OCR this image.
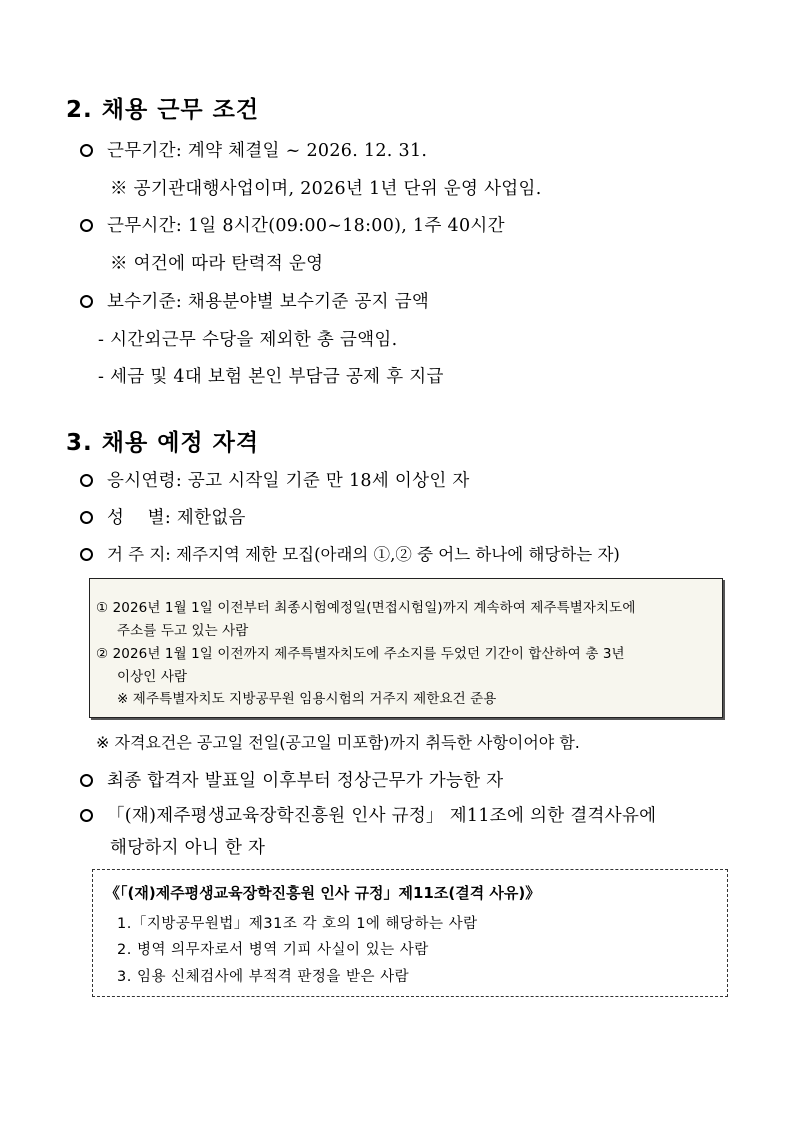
2. 채용 근무 조건
근무기간: 계약 체결일 ~ 2026. 12. 31.
※ 공기관대행사업이며, 2026년 1년 단위 운영 사업임.
근무시간: 1일 8시간(09:00~18:00), 1주 40시간
※ 여건에 따라 탄력적 운영
보수기준: 채용분야별 보수기준 공지 금액
- 시간외근무 수당을 제외한 총 금액임.
- 세금 및 4대 보험 본인 부담금 공제 후 지급
3. 채용 예정 자격
응시연령: 공고 시작일 기준 만 18세 이상인 자
성    별: 제한없음
거 주 지: 제주지역 제한 모집(아래의 ①,② 중 어느 하나에 해당하는 자)
① 2026년 1월 1일 이전부터 최종시험예정일(면접시험일)까지 계속하여 제주특별자치도에
주소를 두고 있는 사람
② 2026년 1월 1일 이전까지 제주특별자치도에 주소지를 두었던 기간이 합산하여 총 3년
이상인 사람
※ 제주특별자치도 지방공무원 임용시험의 거주지 제한요건 준용
※ 자격요건은 공고일 전일(공고일 미포함)까지 취득한 사항이어야 함.
최종 합격자 발표일 이후부터 정상근무가 가능한 자
「(재)제주평생교육장학진흥원 인사 규정」 제11조에 의한 결격사유에
해당하지 아니 한 자
《「(재)제주평생교육장학진흥원 인사 규정」제11조(결격 사유)》
1.「지방공무원법」제31조 각 호의 1에 해당하는 사람
2. 병역 의무자로서 병역 기피 사실이 있는 사람
3. 임용 신체검사에 부적격 판정을 받은 사람
